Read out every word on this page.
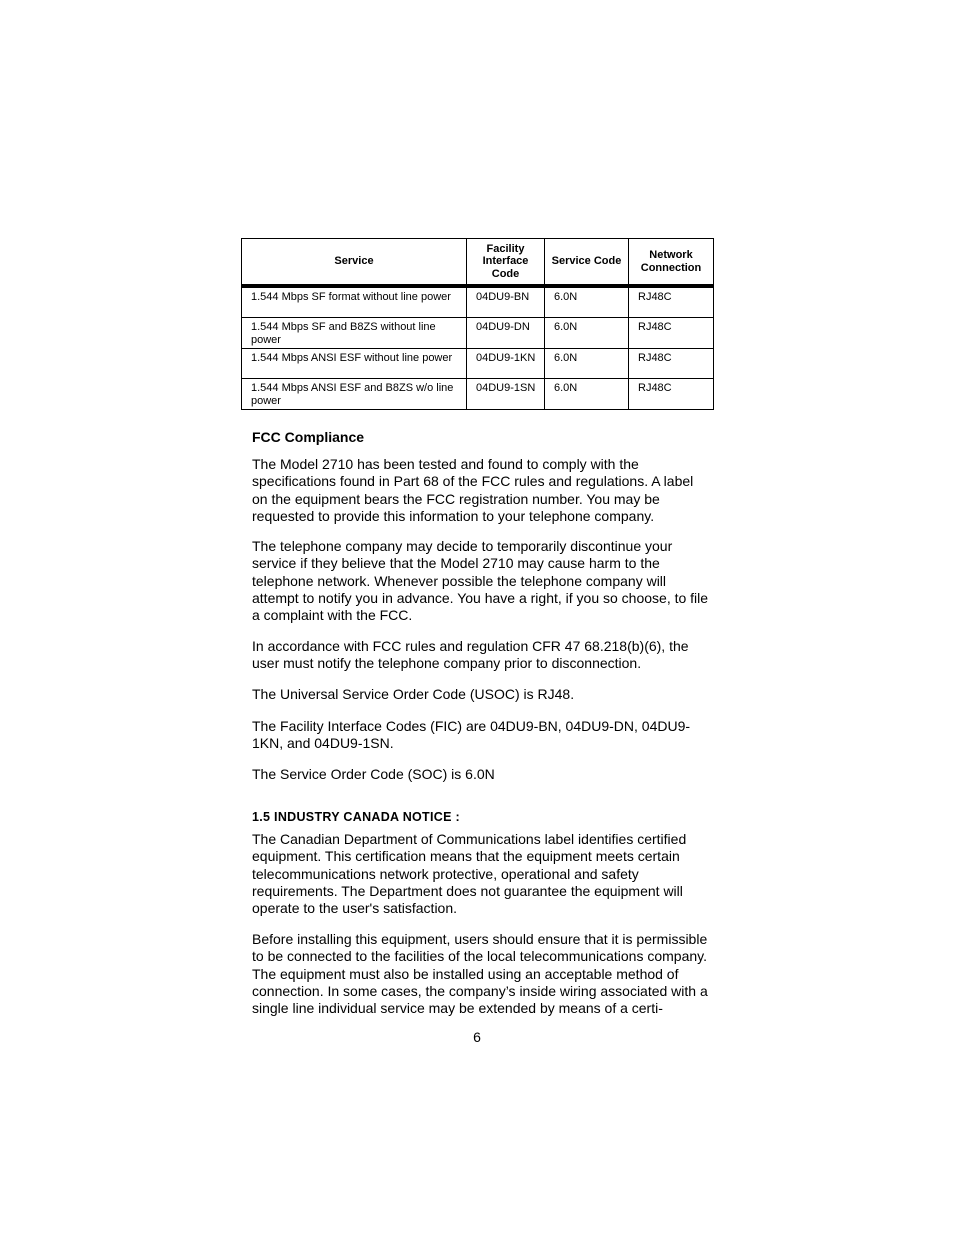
Service	Facility Interface Code	Service Code	Network Connection
1.544 Mbps SF format without line power	04DU9-BN	6.0N	RJ48C
1.544 Mbps SF and B8ZS without line power	04DU9-DN	6.0N	RJ48C
1.544 Mbps ANSI ESF without line power	04DU9-1KN	6.0N	RJ48C
1.544 Mbps ANSI ESF and B8ZS w/o line power	04DU9-1SN	6.0N	RJ48C
FCC Compliance
The Model 2710 has been tested and found to comply with the specifications found in Part 68 of the FCC rules and regulations. A label on the equipment bears the FCC registration number. You may be requested to provide this information to your telephone company.
The telephone company may decide to temporarily discontinue your service if they believe that the Model 2710 may cause harm to the telephone network. Whenever possible the telephone company will attempt to notify you in advance. You have a right, if you so choose, to file a complaint with the FCC.
In accordance with FCC rules and regulation CFR 47 68.218(b)(6), the user must notify the telephone company prior to disconnection.
The Universal Service Order Code (USOC) is RJ48.
The Facility Interface Codes (FIC) are 04DU9-BN, 04DU9-DN, 04DU9-1KN, and 04DU9-1SN.
The Service Order Code (SOC) is 6.0N
1.5 INDUSTRY CANADA NOTICE :
The Canadian Department of Communications label identifies certified equipment. This certification means that the equipment meets certain telecommunications network protective, operational and safety requirements. The Department does not guarantee the equipment will operate to the user's satisfaction.
Before installing this equipment, users should ensure that it is permissible to be connected to the facilities of the local telecommunications company. The equipment must also be installed using an acceptable method of connection. In some cases, the company’s inside wiring associated with a single line individual service may be extended by means of a certi-
6
